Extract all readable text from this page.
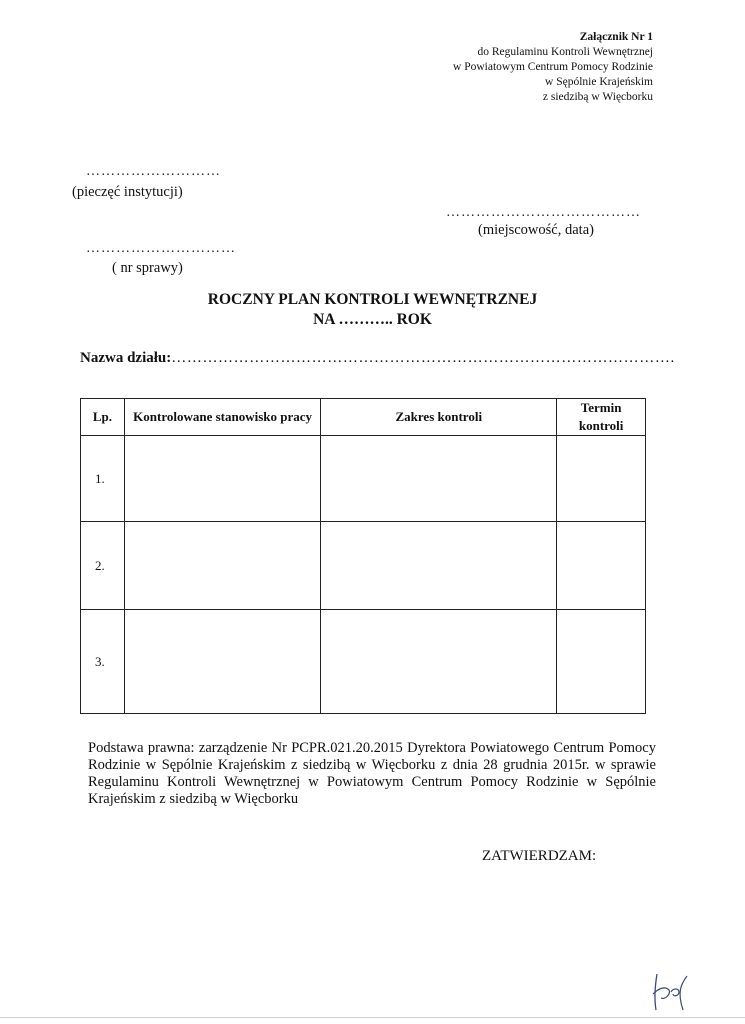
Załącznik Nr 1
do Regulaminu Kontroli Wewnętrznej
w Powiatowym Centrum Pomocy Rodzinie
w Sępólnie Krajeńskim
z siedzibą w Więcborku
………………………
(pieczęć instytucji)
…………………………………
(miejscowość, data)
…………………………
( nr sprawy)
ROCZNY PLAN KONTROLI WEWNĘTRZNEJ
NA ……….. ROK
Nazwa działu:…………………………………………………………………………………….
Lp.	Kontrolowane stanowisko pracy	Zakres kontroli	Termin
kontroli

1.			
2.			
3.			
Podstawa prawna: zarządzenie Nr PCPR.021.20.2015 Dyrektora Powiatowego Centrum Pomocy Rodzinie w Sępólnie Krajeńskim z siedzibą w Więcborku z dnia 28 grudnia 2015r. w sprawie Regulaminu Kontroli Wewnętrznej w Powiatowym Centrum Pomocy Rodzinie w Sępólnie Krajeńskim z siedzibą w Więcborku
ZATWIERDZAM:
